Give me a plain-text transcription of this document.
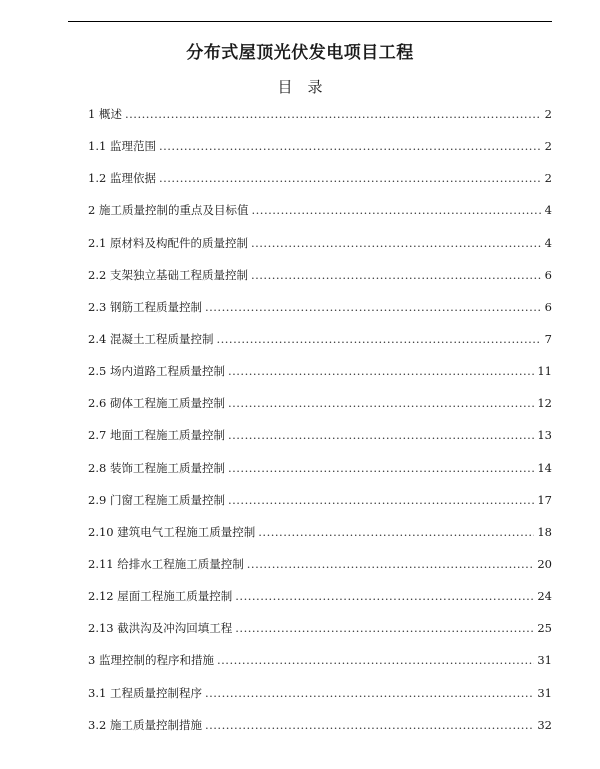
分布式屋顶光伏发电项目工程
目　录
1 概述 .....	2
1.1 监理范围 .....	2
1.2 监理依据 .....	2
2 施工质量控制的重点及目标值 .....	4
2.1 原材料及构配件的质量控制 .....	4
2.2 支架独立基础工程质量控制 .....	6
2.3 钢筋工程质量控制 .....	6
2.4 混凝土工程质量控制 .....	7
2.5 场内道路工程质量控制 .....	11
2.6 砌体工程施工质量控制 .....	12
2.7 地面工程施工质量控制 .....	13
2.8 装饰工程施工质量控制 .....	14
2.9 门窗工程施工质量控制 .....	17
2.10 建筑电气工程施工质量控制 .....	18
2.11 给排水工程施工质量控制 .....	20
2.12 屋面工程施工质量控制 .....	24
2.13 截洪沟及冲沟回填工程 .....	25
3 监理控制的程序和措施 .....	31
3.1 工程质量控制程序 .....	31
3.2 施工质量控制措施 .....	32
